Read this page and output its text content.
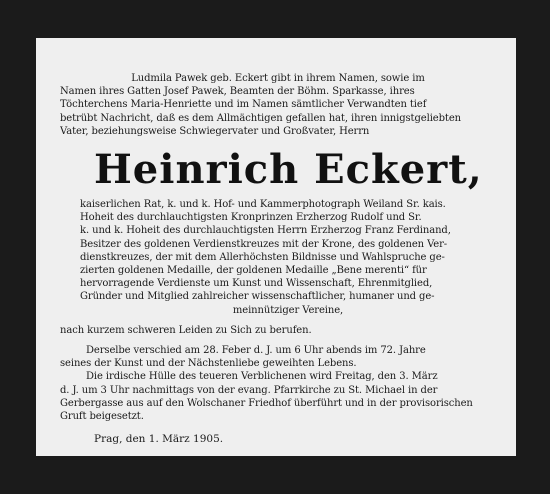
Ludmila Pawek geb. Eckert gibt in ihrem Namen, sowie im
Namen ihres Gatten Josef Pawek, Beamten der Böhm. Sparkasse, ihres
Töchterchens Maria-Henriette und im Namen sämtlicher Verwandten tief
betrübt Nachricht, daß es dem Allmächtigen gefallen hat, ihren innigstgeliebten
Vater, beziehungsweise Schwiegervater und Großvater, Herrn
Heinrich Eckert,
kaiserlichen Rat, k. und k. Hof- und Kammerphotograph Weiland Sr. kais.
Hoheit des durchlauchtigsten Kronprinzen Erzherzog Rudolf und Sr.
k. und k. Hoheit des durchlauchtigsten Herrn Erzherzog Franz Ferdinand,
Besitzer des goldenen Verdienstkreuzes mit der Krone, des goldenen Ver-
dienstkreuzes, der mit dem Allerhöchsten Bildnisse und Wahlspruche ge-
zierten goldenen Medaille, der goldenen Medaille „Bene merenti“ für
hervorragende Verdienste um Kunst und Wissenschaft, Ehrenmitglied,
Gründer und Mitglied zahlreicher wissenschaftlicher, humaner und ge-
meinnütziger Vereine,
nach kurzem schweren Leiden zu Sich zu berufen.
Derselbe verschied am 28. Feber d. J. um 6 Uhr abends im 72. Jahre
seines der Kunst und der Nächstenliebe geweihten Lebens.
Die irdische Hülle des teueren Verblichenen wird Freitag, den 3. März
d. J. um 3 Uhr nachmittags von der evang. Pfarrkirche zu St. Michael in der
Gerbergasse aus auf den Wolschaner Friedhof überführt und in der provisorischen
Gruft beigesetzt.
Prag, den 1. März 1905.
